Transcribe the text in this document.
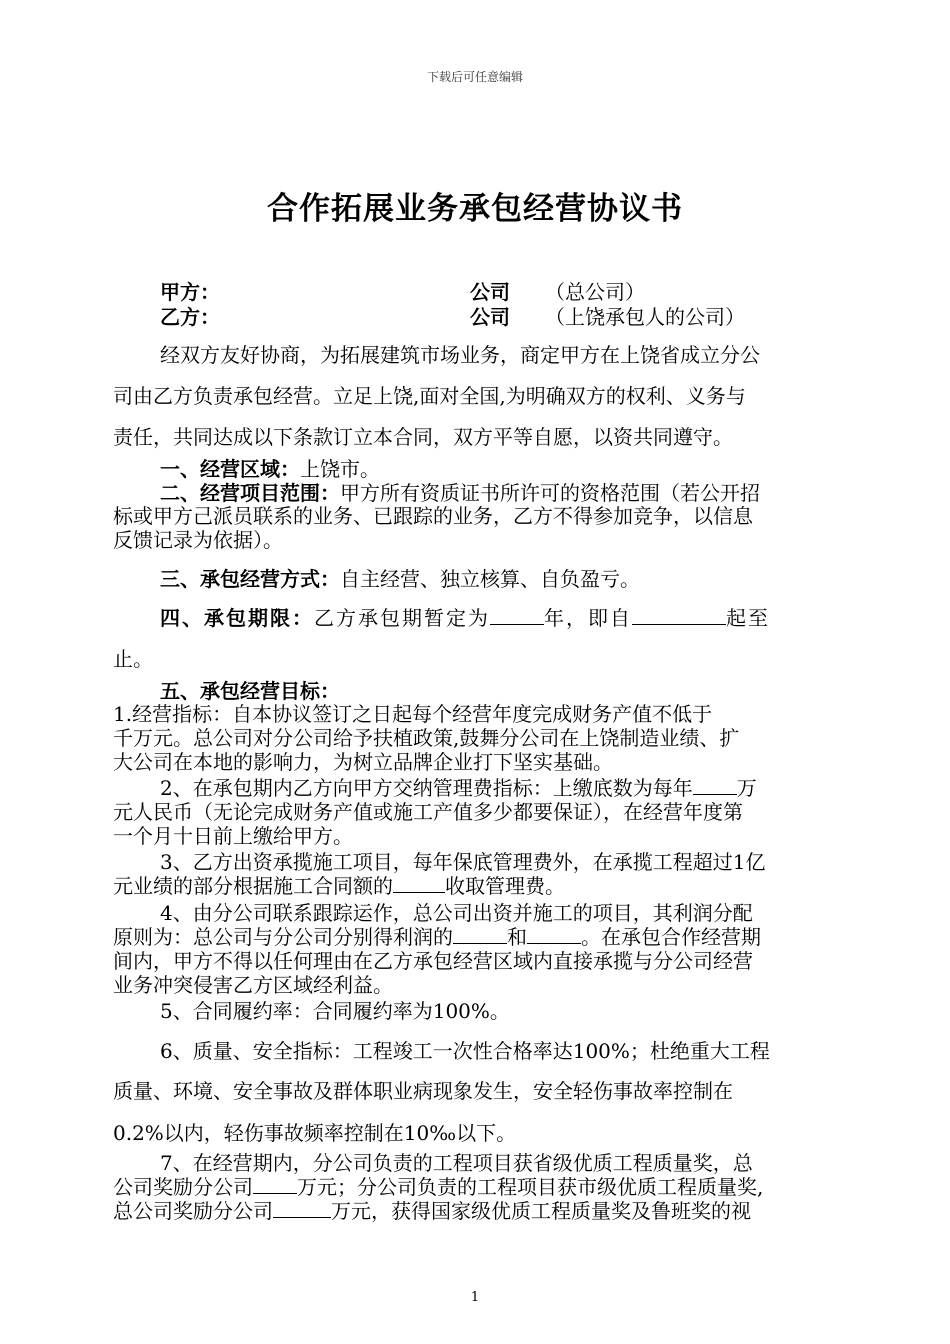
下载后可任意编辑
合作拓展业务承包经营协议书
甲方：	公司 （总公司）
乙方：	公司 （上饶承包人的公司）
经双方友好协商，为拓展建筑市场业务，商定甲方在上饶省成立分公
司由乙方负责承包经营。立足上饶,面对全国,为明确双方的权利、义务与
责任，共同达成以下条款订立本合同，双方平等自愿，以资共同遵守。
一、经营区域：上饶市。
二、经营项目范围：甲方所有资质证书所许可的资格范围（若公开招
标或甲方己派员联系的业务、已跟踪的业务，乙方不得参加竞争，以信息
反馈记录为依据）。
三、承包经营方式：自主经营、独立核算、自负盈亏。
四、承包期限：乙方承包期暂定为	年，即自	起至
止。
五、承包经营目标：
1.经营指标：自本协议签订之日起每个经营年度完成财务产值不低于
千万元。总公司对分公司给予扶植政策,鼓舞分公司在上饶制造业绩、扩
大公司在本地的影响力，为树立品牌企业打下坚实基础。
2、在承包期内乙方向甲方交纳管理费指标：上缴底数为每年 万
元人民币（无论完成财务产值或施工产值多少都要保证），在经营年度第
一个月十日前上缴给甲方。
3、乙方出资承揽施工项目，每年保底管理费外，在承揽工程超过1亿
元业绩的部分根据施工合同额的	收取管理费。
4、由分公司联系跟踪运作，总公司出资并施工的项目，其利润分配
原则为：总公司与分公司分别得利润的	和	。在承包合作经营期
间内，甲方不得以任何理由在乙方承包经营区域内直接承揽与分公司经营
业务冲突侵害乙方区域经利益。
5、合同履约率：合同履约率为100%。
6、质量、安全指标：工程竣工一次性合格率达100%；杜绝重大工程
质量、环境、安全事故及群体职业病现象发生，安全轻伤事故率控制在
0.2%以内，轻伤事故频率控制在10‰以下。
7、在经营期内，分公司负责的工程项目获省级优质工程质量奖，总
公司奖励分公司 万元；分公司负责的工程项目获市级优质工程质量奖,
总公司奖励分公司	万元，获得国家级优质工程质量奖及鲁班奖的视
1
